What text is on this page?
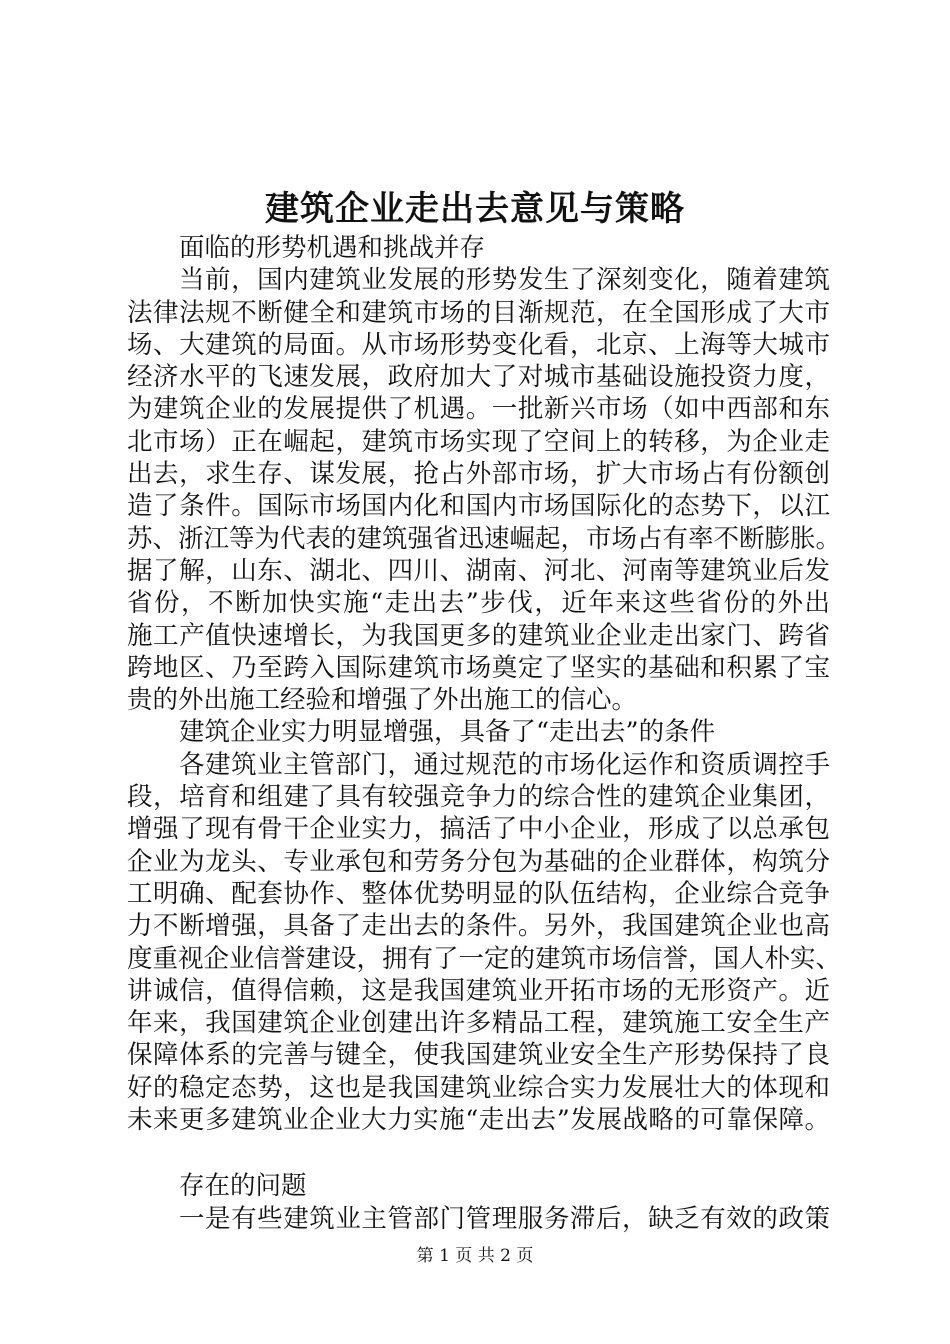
建筑企业走出去意见与策略
面临的形势机遇和挑战并存
当前，国内建筑业发展的形势发生了深刻变化，随着建筑
法律法规不断健全和建筑市场的目渐规范，在全国形成了大市
场、大建筑的局面。从市场形势变化看，北京、上海等大城市
经济水平的飞速发展，政府加大了对城市基础设施投资力度，
为建筑企业的发展提供了机遇。一批新兴市场（如中西部和东
北市场）正在崛起，建筑市场实现了空间上的转移，为企业走
出去，求生存、谋发展，抢占外部市场，扩大市场占有份额创
造了条件。国际市场国内化和国内市场国际化的态势下，以江
苏、浙江等为代表的建筑强省迅速崛起，市场占有率不断膨胀。
据了解，山东、湖北、四川、湖南、河北、河南等建筑业后发
省份，不断加快实施“走出去”步伐，近年来这些省份的外出
施工产值快速增长，为我国更多的建筑业企业走出家门、跨省
跨地区、乃至跨入国际建筑市场奠定了坚实的基础和积累了宝
贵的外出施工经验和增强了外出施工的信心。
建筑企业实力明显增强，具备了“走出去”的条件
各建筑业主管部门，通过规范的市场化运作和资质调控手
段，培育和组建了具有较强竞争力的综合性的建筑企业集团，
增强了现有骨干企业实力，搞活了中小企业，形成了以总承包
企业为龙头、专业承包和劳务分包为基础的企业群体，构筑分
工明确、配套协作、整体优势明显的队伍结构，企业综合竞争
力不断增强，具备了走出去的条件。另外，我国建筑企业也高
度重视企业信誉建设，拥有了一定的建筑市场信誉，国人朴实、
讲诚信，值得信赖，这是我国建筑业开拓市场的无形资产。近
年来，我国建筑企业创建出许多精品工程，建筑施工安全生产
保障体系的完善与键全，使我国建筑业安全生产形势保持了良
好的稳定态势，这也是我国建筑业综合实力发展壮大的体现和
未来更多建筑业企业大力实施“走出去”发展战略的可靠保障。
存在的问题
一是有些建筑业主管部门管理服务滞后，缺乏有效的政策
第 1 页 共 2 页
